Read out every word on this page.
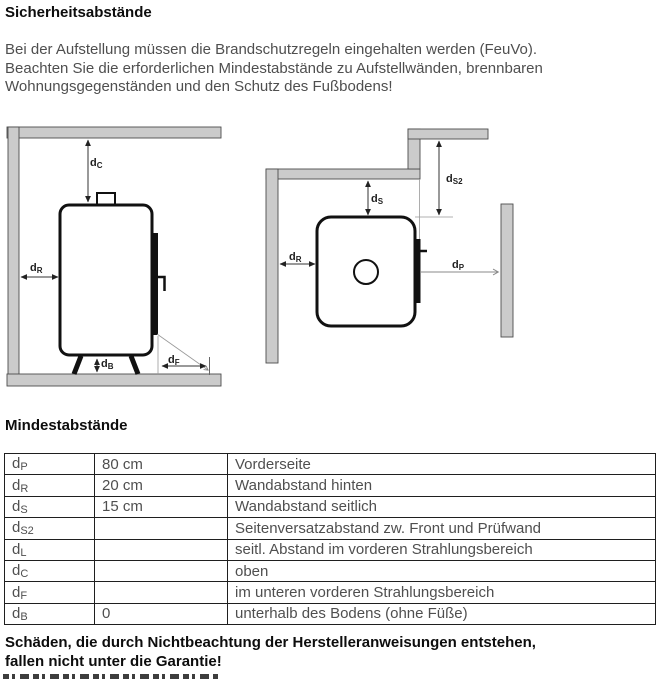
Sicherheitsabstände
Bei der Aufstellung müssen die Brandschutzregeln eingehalten werden (FeuVo).
Beachten Sie die erforderlichen Mindestabstände zu Aufstellwänden, brennbaren
Wohnungsgegenständen und den Schutz des Fußbodens!
$d_C$
$d_R$
$d_B$
$d_F$
$d_S$
$d_{S2}$
$d_R$	$d_P$
Mindestabstände
$d_P$	80 cm	Vorderseite
$d_R$	20 cm	Wandabstand hinten
$d_S$	15 cm	Wandabstand seitlich
$d_{S2}$		Seitenversatzabstand zw. Front und Prüfwand
$d_L$		seitl. Abstand im vorderen Strahlungsbereich
$d_C$		oben
$d_F$		im unteren vorderen Strahlungsbereich
$d_B$	0	unterhalb des Bodens (ohne Füße)
Schäden, die durch Nichtbeachtung der Herstelleranweisungen entstehen,
fallen nicht unter die Garantie!
